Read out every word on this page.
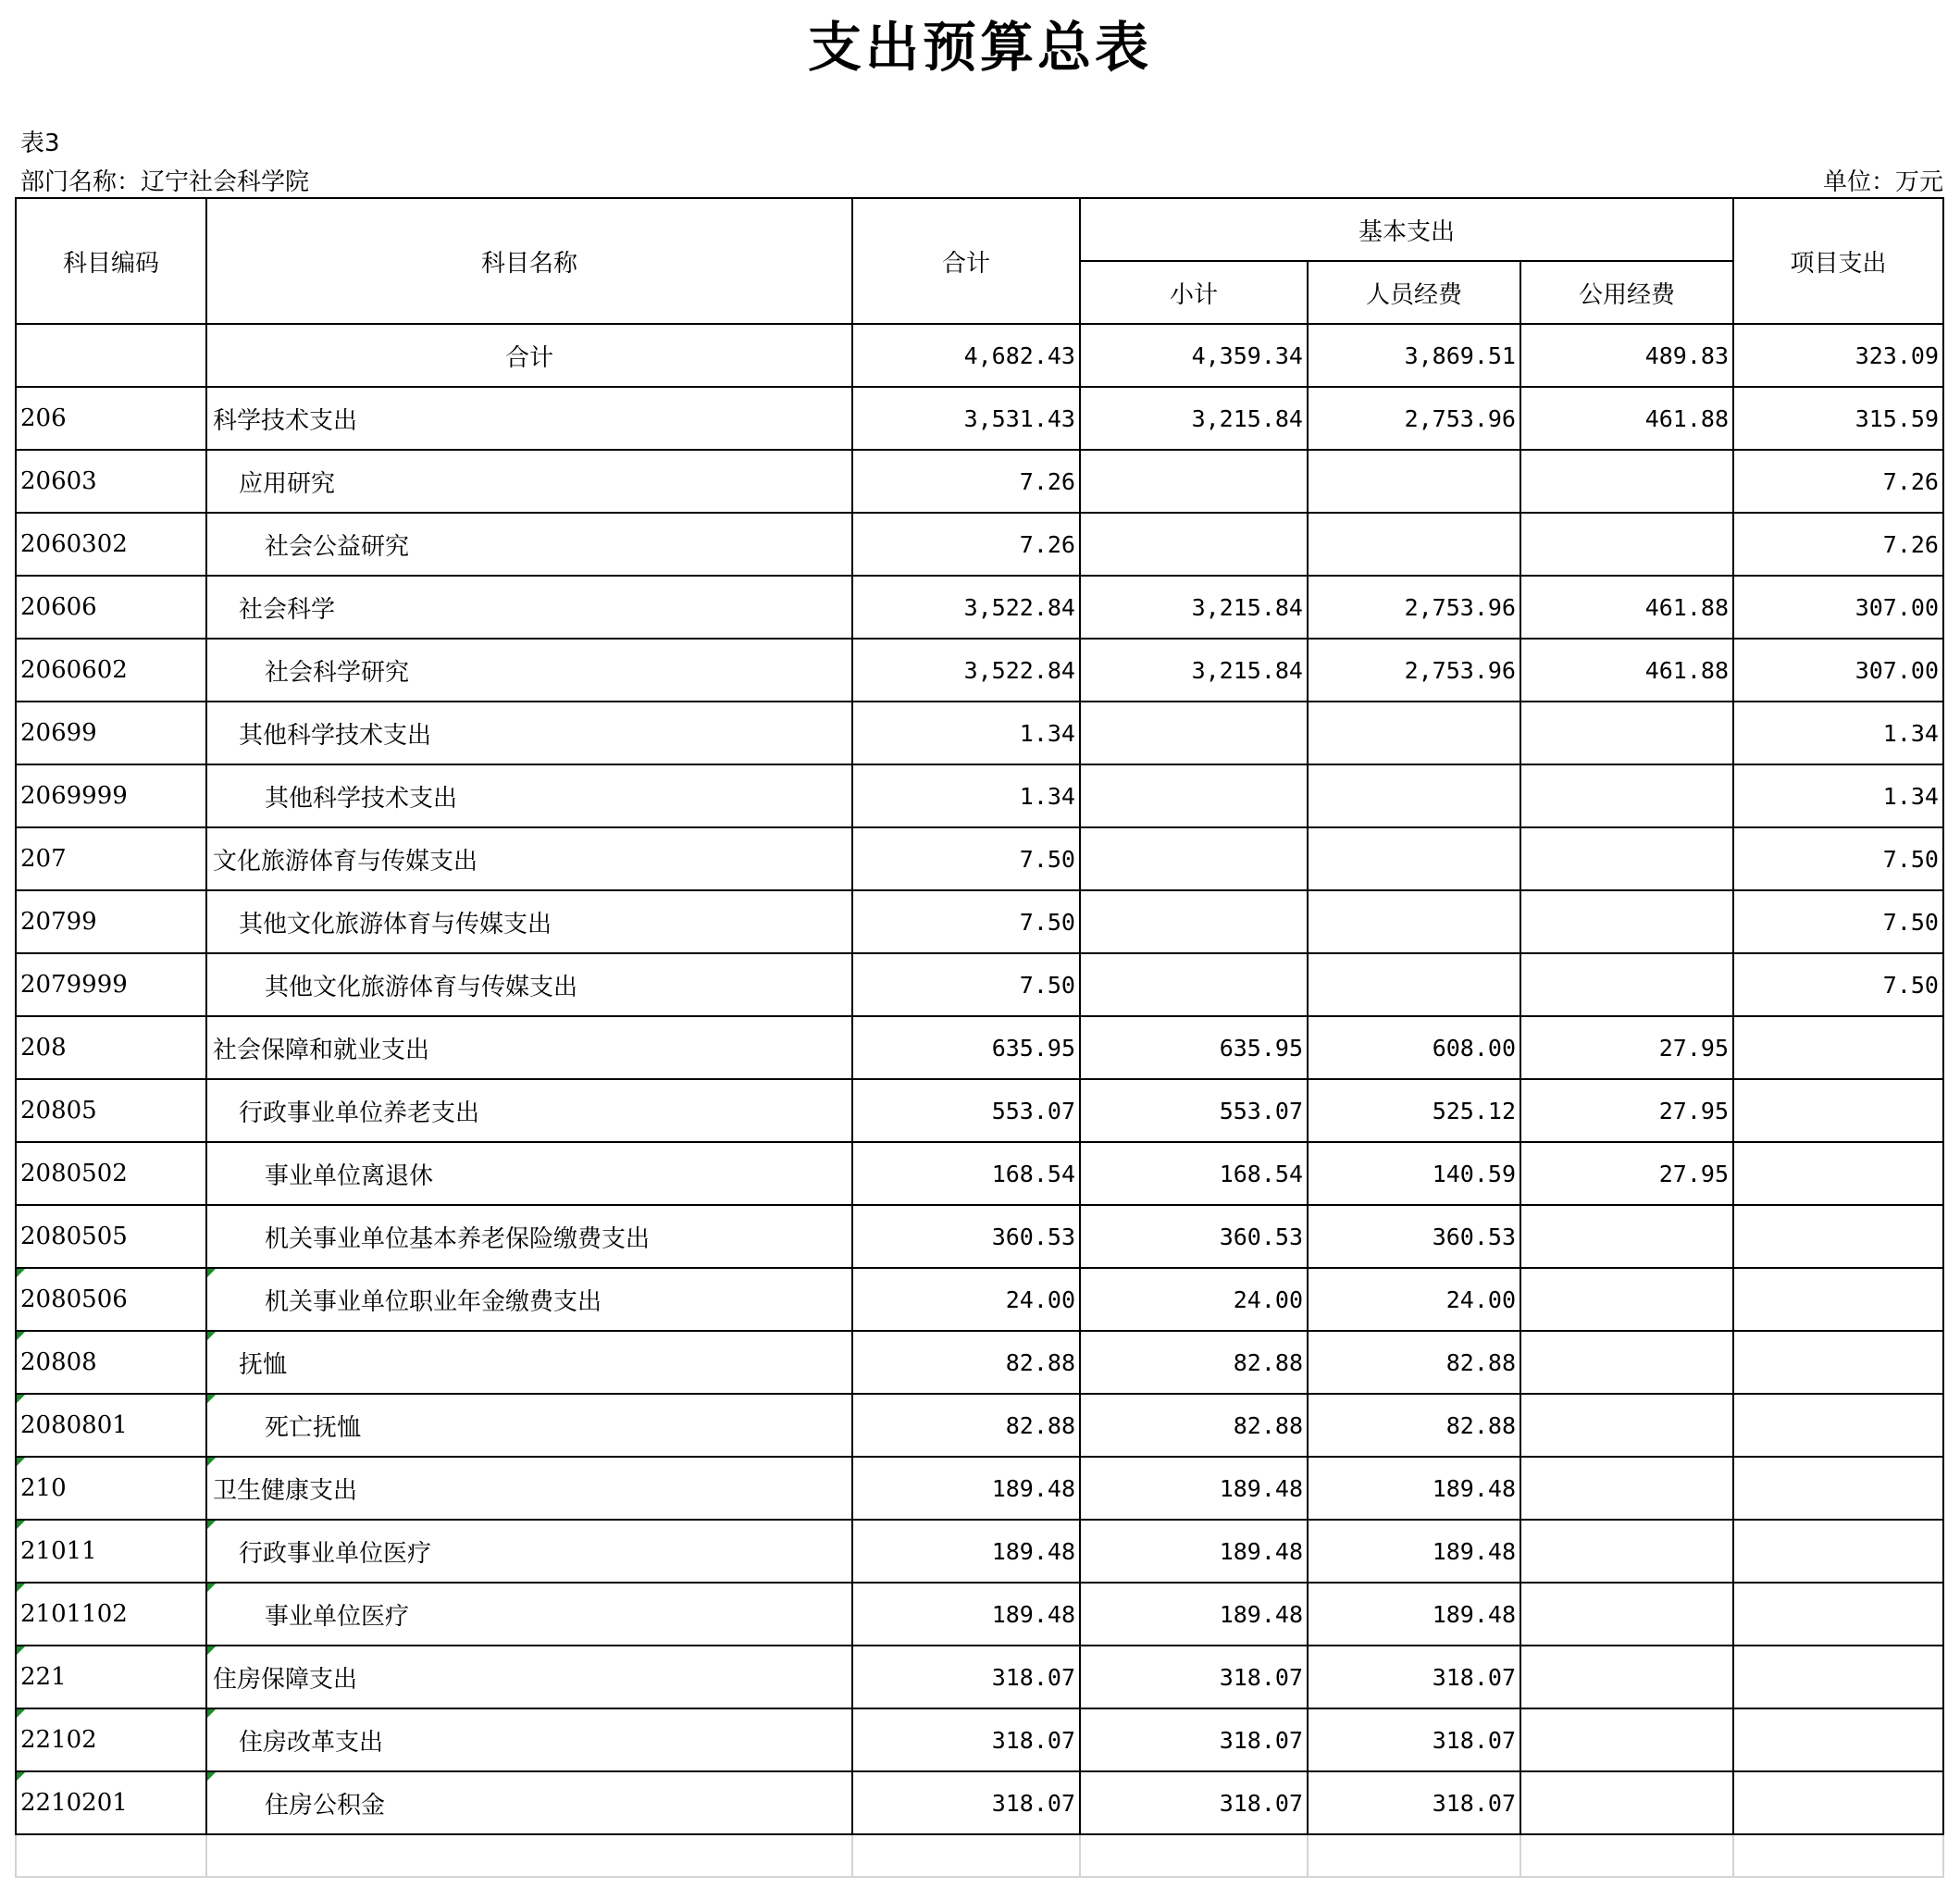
支出预算总表
表3
部门名称：辽宁社会科学院	单位：万元
科目编码	科目名称	合计	基本支出			项目支出
			小计	人员经费	公用经费	
	合计	4,682.43	4,359.34	3,869.51	489.83	323.09
206	科学技术支出	3,531.43	3,215.84	2,753.96	461.88	315.59
20603	应用研究	7.26				7.26
2060302	社会公益研究	7.26				7.26
20606	社会科学	3,522.84	3,215.84	2,753.96	461.88	307.00
2060602	社会科学研究	3,522.84	3,215.84	2,753.96	461.88	307.00
20699	其他科学技术支出	1.34				1.34
2069999	其他科学技术支出	1.34				1.34
207	文化旅游体育与传媒支出	7.50				7.50
20799	其他文化旅游体育与传媒支出	7.50				7.50
2079999	其他文化旅游体育与传媒支出	7.50				7.50
208	社会保障和就业支出	635.95	635.95	608.00	27.95	
20805	行政事业单位养老支出	553.07	553.07	525.12	27.95	
2080502	事业单位离退休	168.54	168.54	140.59	27.95	
2080505	机关事业单位基本养老保险缴费支出	360.53	360.53	360.53		
2080506	机关事业单位职业年金缴费支出	24.00	24.00	24.00		
20808	抚恤	82.88	82.88	82.88		
2080801	死亡抚恤	82.88	82.88	82.88		
210	卫生健康支出	189.48	189.48	189.48		
21011	行政事业单位医疗	189.48	189.48	189.48		
2101102	事业单位医疗	189.48	189.48	189.48		
221	住房保障支出	318.07	318.07	318.07		
22102	住房改革支出	318.07	318.07	318.07		
2210201	住房公积金	318.07	318.07	318.07		
